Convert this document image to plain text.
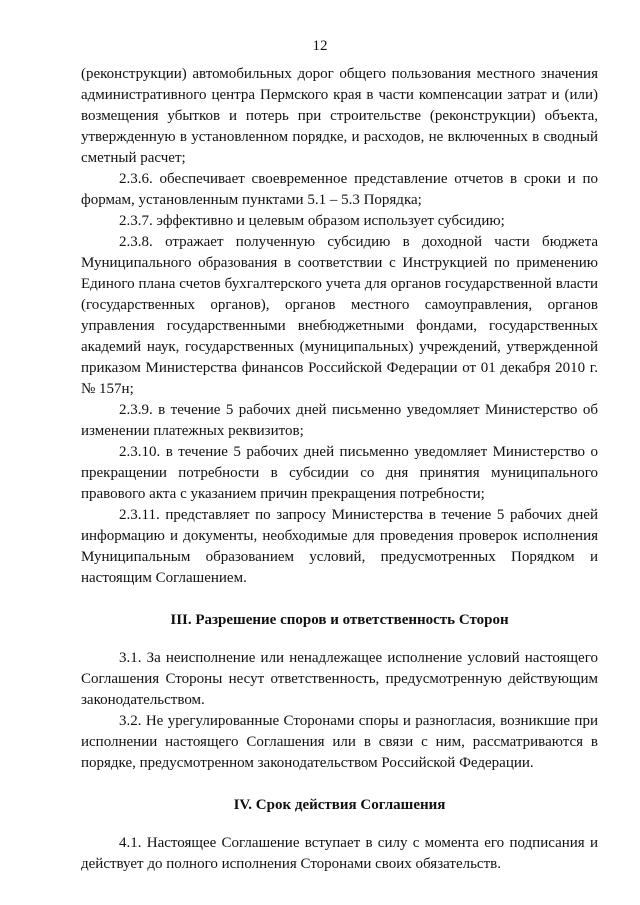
12

(реконструкции) автомобильных дорог общего пользования местного значения административного центра Пермского края в части компенсации затрат и (или) возмещения убытков и потерь при строительстве (реконструкции) объекта, утвержденную в установленном порядке, и расходов, не включенных в сводный сметный расчет;

2.3.6. обеспечивает своевременное представление отчетов в сроки и по формам, установленным пунктами 5.1 – 5.3 Порядка;

2.3.7. эффективно и целевым образом использует субсидию;

2.3.8. отражает полученную субсидию в доходной части бюджета Муниципального образования в соответствии с Инструкцией по применению Единого плана счетов бухгалтерского учета для органов государственной власти (государственных органов), органов местного самоуправления, органов управления государственными внебюджетными фондами, государственных академий наук, государственных (муниципальных) учреждений, утвержденной приказом Министерства финансов Российской Федерации от 01 декабря 2010 г. № 157н;

2.3.9. в течение 5 рабочих дней письменно уведомляет Министерство об изменении платежных реквизитов;

2.3.10. в течение 5 рабочих дней письменно уведомляет Министерство о прекращении потребности в субсидии со дня принятия муниципального правового акта с указанием причин прекращения потребности;

2.3.11. представляет по запросу Министерства в течение 5 рабочих дней информацию и документы, необходимые для проведения проверок исполнения Муниципальным образованием условий, предусмотренных Порядком и настоящим Соглашением.

III. Разрешение споров и ответственность Сторон

3.1. За неисполнение или ненадлежащее исполнение условий настоящего Соглашения Стороны несут ответственность, предусмотренную действующим законодательством.

3.2. Не урегулированные Сторонами споры и разногласия, возникшие при исполнении настоящего Соглашения или в связи с ним, рассматриваются в порядке, предусмотренном законодательством Российской Федерации.

IV. Срок действия Соглашения

4.1. Настоящее Соглашение вступает в силу с момента его подписания и действует до полного исполнения Сторонами своих обязательств.
